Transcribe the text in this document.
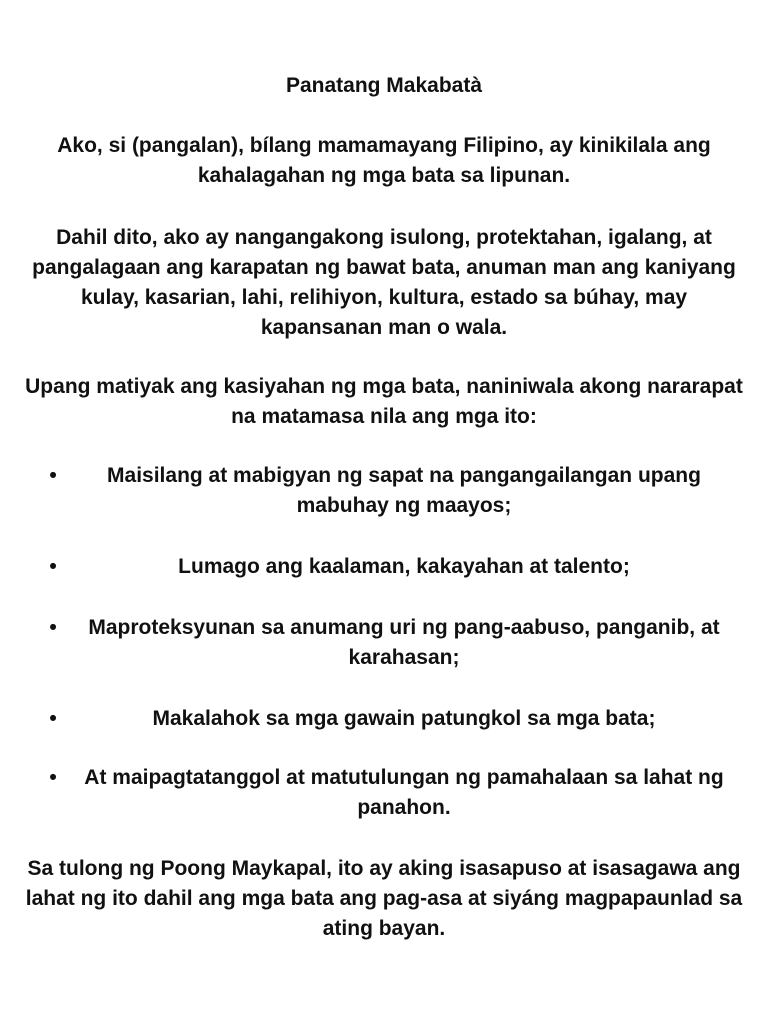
Panatang Makabatà
Ako, si (pangalan), bílang mamamayang Filipino, ay kinikilala ang kahalagahan ng mga bata sa lipunan.
Dahil dito, ako ay nangangakong isulong, protektahan, igalang, at pangalagaan ang karapatan ng bawat bata, anuman man ang kaniyang kulay, kasarian, lahi, relihiyon, kultura, estado sa búhay, may kapansanan man o wala.
Upang matiyak ang kasiyahan ng mga bata, naniniwala akong nararapat na matamasa nila ang mga ito:
•	Maisilang at mabigyan ng sapat na pangangailangan upang mabuhay ng maayos;
•	Lumago ang kaalaman, kakayahan at talento;
•	Maproteksyunan sa anumang uri ng pang-aabuso, panganib, at karahasan;
•	Makalahok sa mga gawain patungkol sa mga bata;
•	At maipagtatanggol at matutulungan ng pamahalaan sa lahat ng panahon.
Sa tulong ng Poong Maykapal, ito ay aking isasapuso at isasagawa ang lahat ng ito dahil ang mga bata ang pag-asa at siyáng magpapaunlad sa ating bayan.
